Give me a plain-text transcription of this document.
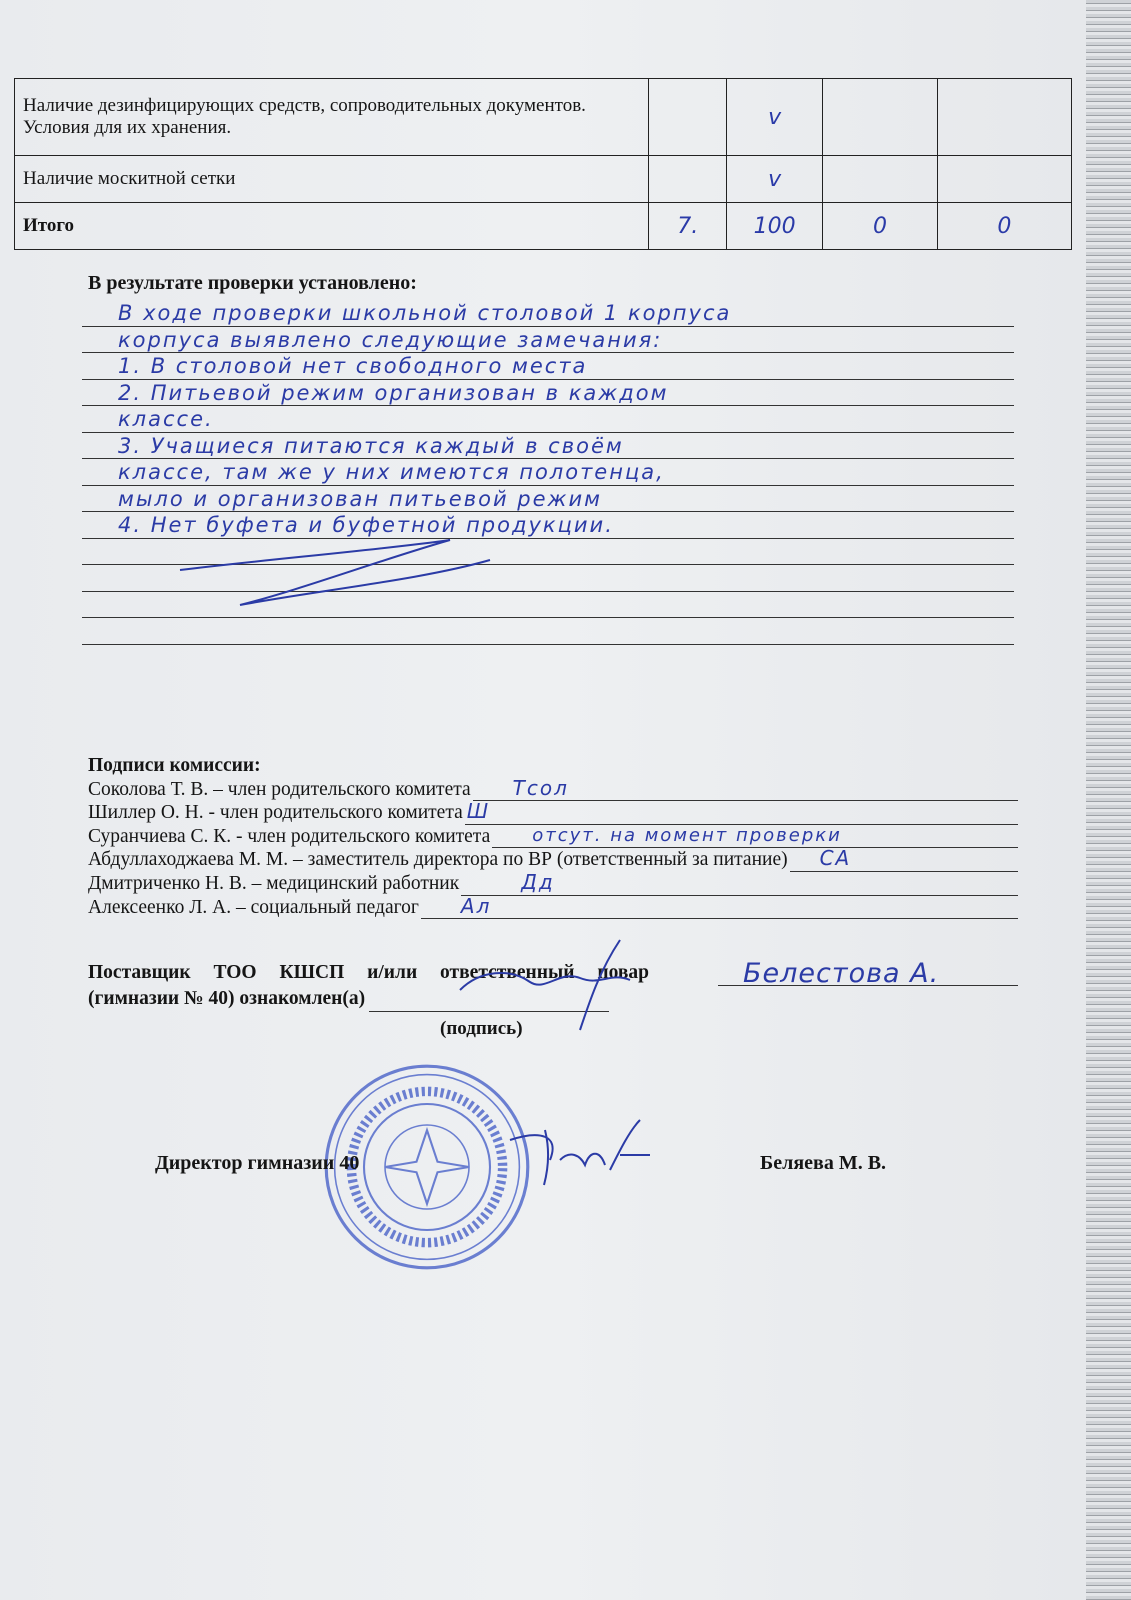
Наличие дезинфицирующих средств, сопроводительных документов. Условия для их хранения.		v		
Наличие москитной сетки		v		
Итого	7.	100	0	0
В результате проверки установлено:
В ходе проверки школьной столовой 1 корпуса
корпуса выявлено следующие замечания:
1. В столовой нет свободного места
2. Питьевой режим организован в каждом
классе.
3. Учащиеся питаются каждый в своём
классе, там же у них имеются полотенца,
мыло и организован питьевой режим
4. Нет буфета и буфетной продукции.
Подписи комиссии:
Соколова Т. В. – член родительского комитета Тсол
Шиллер О. Н. - член родительского комитета Ш
Суранчиева С. К. - член родительского комитета отсут. на момент проверки
Абдуллаходжаева М. М. – заместитель директора по ВР (ответственный за питание) СА
Дмитриченко Н. В. – медицинский работник	Дд
Алексеенко Л. А. – социальный педагог Ал
Поставщик ТОО КШСП и/или ответственный повар	Белестова А.
(гимназии № 40) ознакомлен(а)
(подпись)
Директор гимназии 40	Беляева М. В.
